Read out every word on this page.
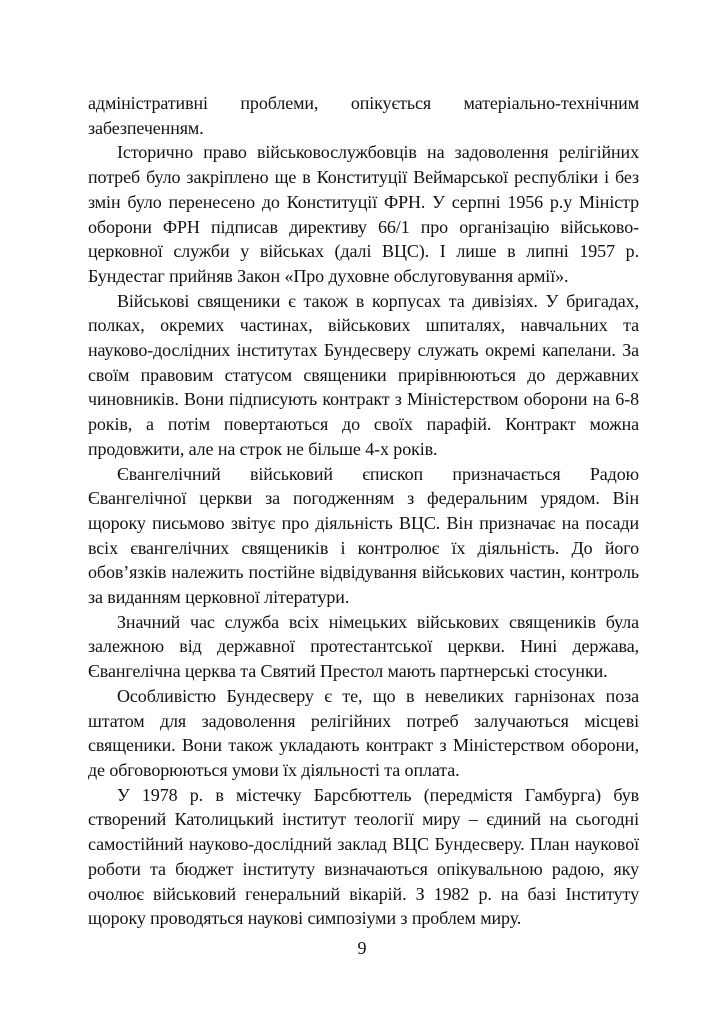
адміністративні проблеми, опікується матеріально-технічним забезпеченням.

Історично право військовослужбовців на задоволення релігійних потреб було закріплено ще в Конституції Веймарської республіки і без змін було перенесено до Конституції ФРН. У серпні 1956 р.у Міністр оборони ФРН підписав директиву 66/1 про організацію військово-церковної служби у військах (далі ВЦС). І лише в липні 1957 р. Бундестаг прийняв Закон «Про духовне обслуговування армії».

Військові священики є також в корпусах та дивізіях. У бригадах, полках, окремих частинах, військових шпиталях, навчальних та науково-дослідних інститутах Бундесверу служать окремі капелани. За своїм правовим статусом священики прирівнюються до державних чиновників. Вони підписують контракт з Міністерством оборони на 6-8 років, а потім повертаються до своїх парафій. Контракт можна продовжити, але на строк не більше 4-х років.

Євангелічний військовий єпископ призначається Радою Євангелічної церкви за погодженням з федеральним урядом. Він щороку письмово звітує про діяльність ВЦС. Він призначає на посади всіх євангелічних священиків і контролює їх діяльність. До його обов’язків належить постійне відвідування військових частин, контроль за виданням церковної літератури.

Значний час служба всіх німецьких військових священиків була залежною від державної протестантської церкви. Нині держава, Євангелічна церква та Святий Престол мають партнерські стосунки.

Особливістю Бундесверу є те, що в невеликих гарнізонах поза штатом для задоволення релігійних потреб залучаються місцеві священики. Вони також укладають контракт з Міністерством оборони, де обговорюються умови їх діяльності та оплата.

У 1978 р. в містечку Барсбюттель (передмістя Гамбурга) був створений Католицький інститут теології миру – єдиний на сьогодні самостійний науково-дослідний заклад ВЦС Бундесверу. План наукової роботи та бюджет інституту визначаються опікувальною радою, яку очолює військовий генеральний вікарій. З 1982 р. на базі Інституту щороку проводяться наукові симпозіуми з проблем миру.

9
